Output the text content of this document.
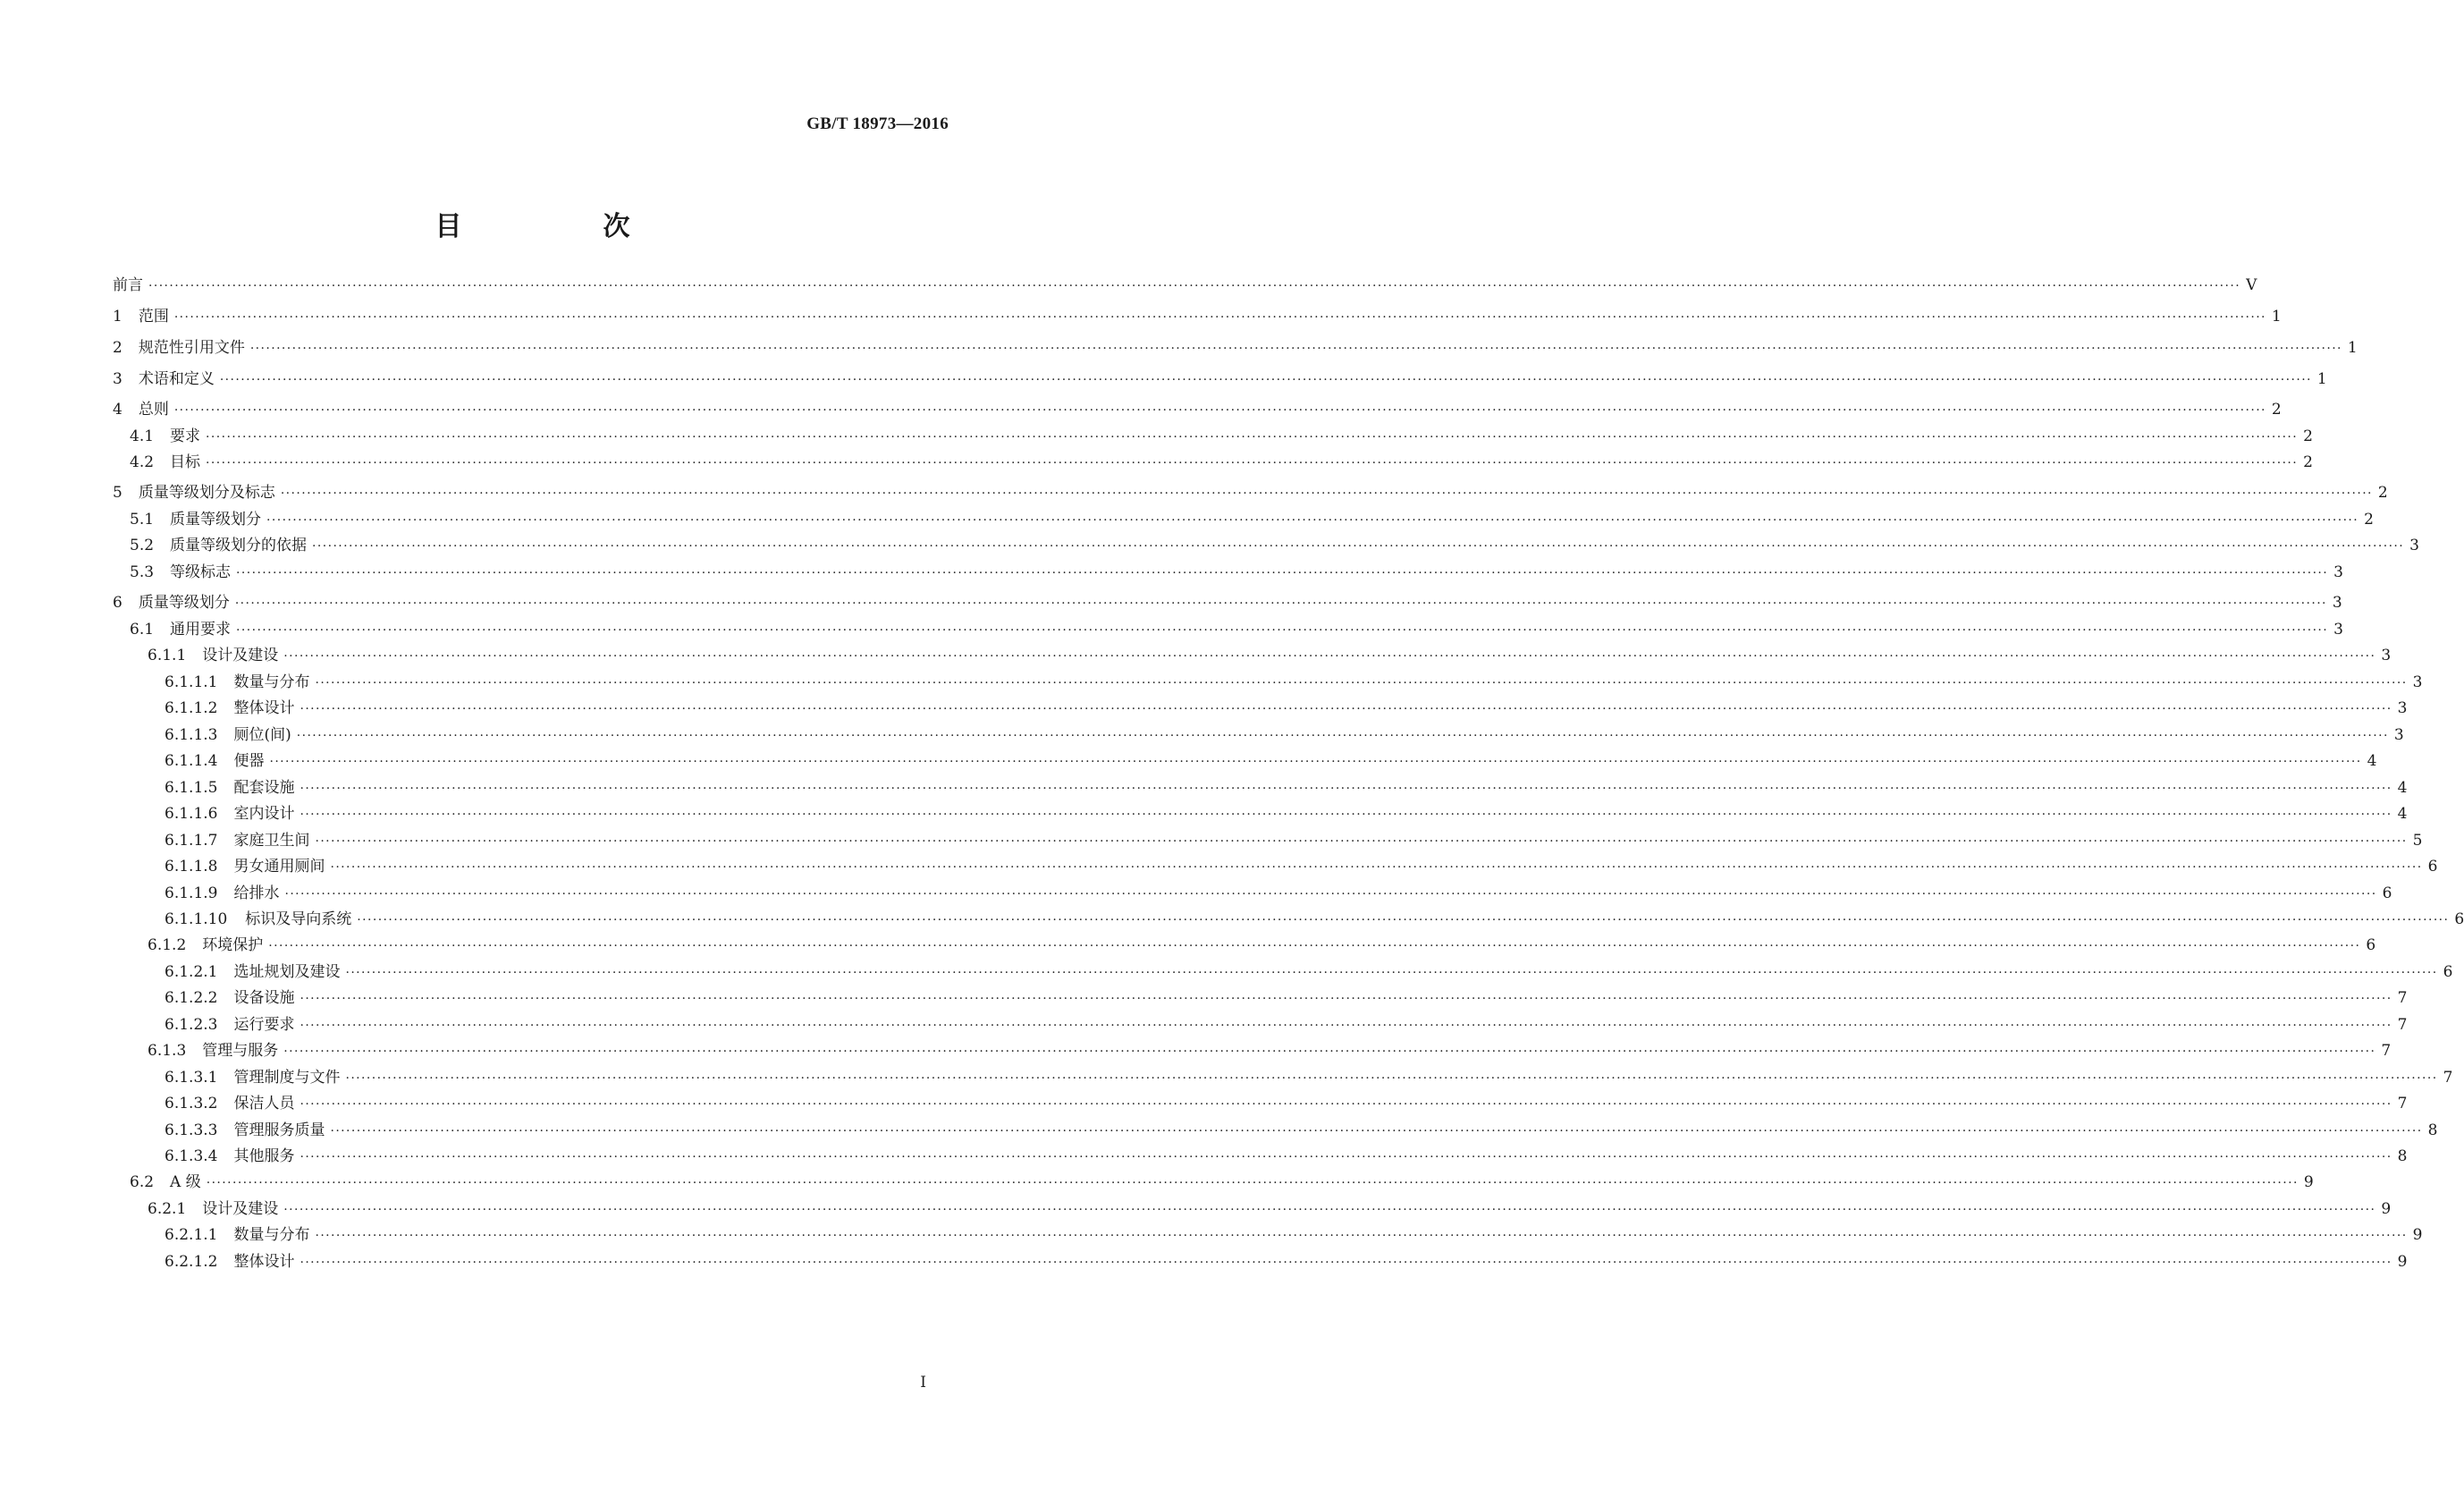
GB/T 18973—2016
目　次
前言 ················································································································································································································································································································································································································ V
1 范围 ················································································································································································································································································································································································································ 1
2 规范性引用文件 ················································································································································································································································································································································································································ 1
3 术语和定义 ················································································································································································································································································································································································································ 1
4 总则 ················································································································································································································································································································································································································ 2
4.1 要求 ················································································································································································································································································································································································································ 2
4.2 目标 ················································································································································································································································································································································································································ 2
5 质量等级划分及标志 ················································································································································································································································································································································································································ 2
5.1 质量等级划分 ················································································································································································································································································································································································································ 2
5.2 质量等级划分的依据 ················································································································································································································································································································································································································ 3
5.3 等级标志 ················································································································································································································································································································································································································ 3
6 质量等级划分 ················································································································································································································································································································································································································ 3
6.1 通用要求 ················································································································································································································································································································································································································ 3
6.1.1 设计及建设 ················································································································································································································································································································································································································ 3
6.1.1.1 数量与分布 ················································································································································································································································································································································································································ 3
6.1.1.2 整体设计 ················································································································································································································································································································································································································ 3
6.1.1.3 厕位(间) ················································································································································································································································································································································································································ 3
6.1.1.4 便器 ················································································································································································································································································································································································································ 4
6.1.1.5 配套设施 ················································································································································································································································································································································································································ 4
6.1.1.6 室内设计 ················································································································································································································································································································································································································ 4
6.1.1.7 家庭卫生间 ················································································································································································································································································································································································································ 5
6.1.1.8 男女通用厕间 ················································································································································································································································································································································································································ 6
6.1.1.9 给排水 ················································································································································································································································································································································································································ 6
6.1.1.10 标识及导向系统 ················································································································································································································································································································································································································ 6
6.1.2 环境保护 ················································································································································································································································································································································································································ 6
6.1.2.1 选址规划及建设 ················································································································································································································································································································································································································ 6
6.1.2.2 设备设施 ················································································································································································································································································································································································································ 7
6.1.2.3 运行要求 ················································································································································································································································································································································································································ 7
6.1.3 管理与服务 ················································································································································································································································································································································································································ 7
6.1.3.1 管理制度与文件 ················································································································································································································································································································································································································ 7
6.1.3.2 保洁人员 ················································································································································································································································································································································································································ 7
6.1.3.3 管理服务质量 ················································································································································································································································································································································································································ 8
6.1.3.4 其他服务 ················································································································································································································································································································································································································ 8
6.2 A 级 ················································································································································································································································································································································································································ 9
6.2.1 设计及建设 ················································································································································································································································································································································································································ 9
6.2.1.1 数量与分布 ················································································································································································································································································································································································································ 9
6.2.1.2 整体设计 ················································································································································································································································································································································································································ 9
I
